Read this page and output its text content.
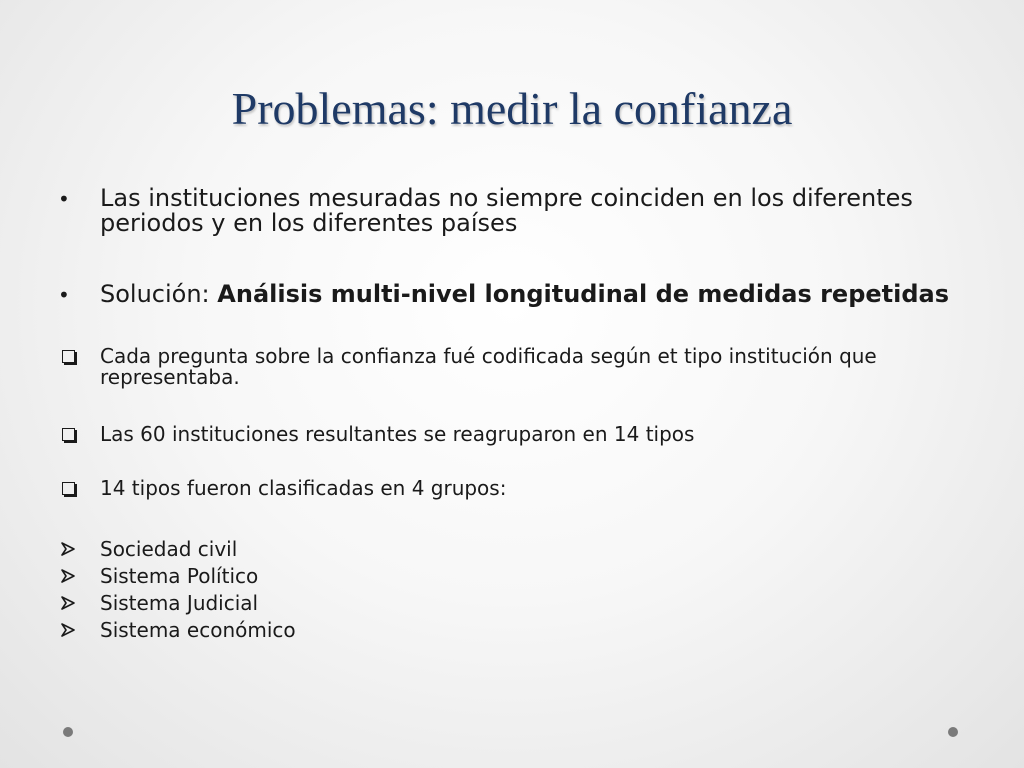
Problemas: medir la confianza
• Las instituciones mesuradas no siempre coinciden en los diferentes periodos y en los diferentes países
• Solución: Análisis multi-nivel longitudinal de medidas repetidas
Cada pregunta sobre la confianza fué codificada según et tipo institución que representaba.
Las 60 instituciones resultantes se reagruparon en 14 tipos
14 tipos fueron clasificadas en 4 grupos:
Sociedad civil
Sistema Político
Sistema Judicial
Sistema económico
